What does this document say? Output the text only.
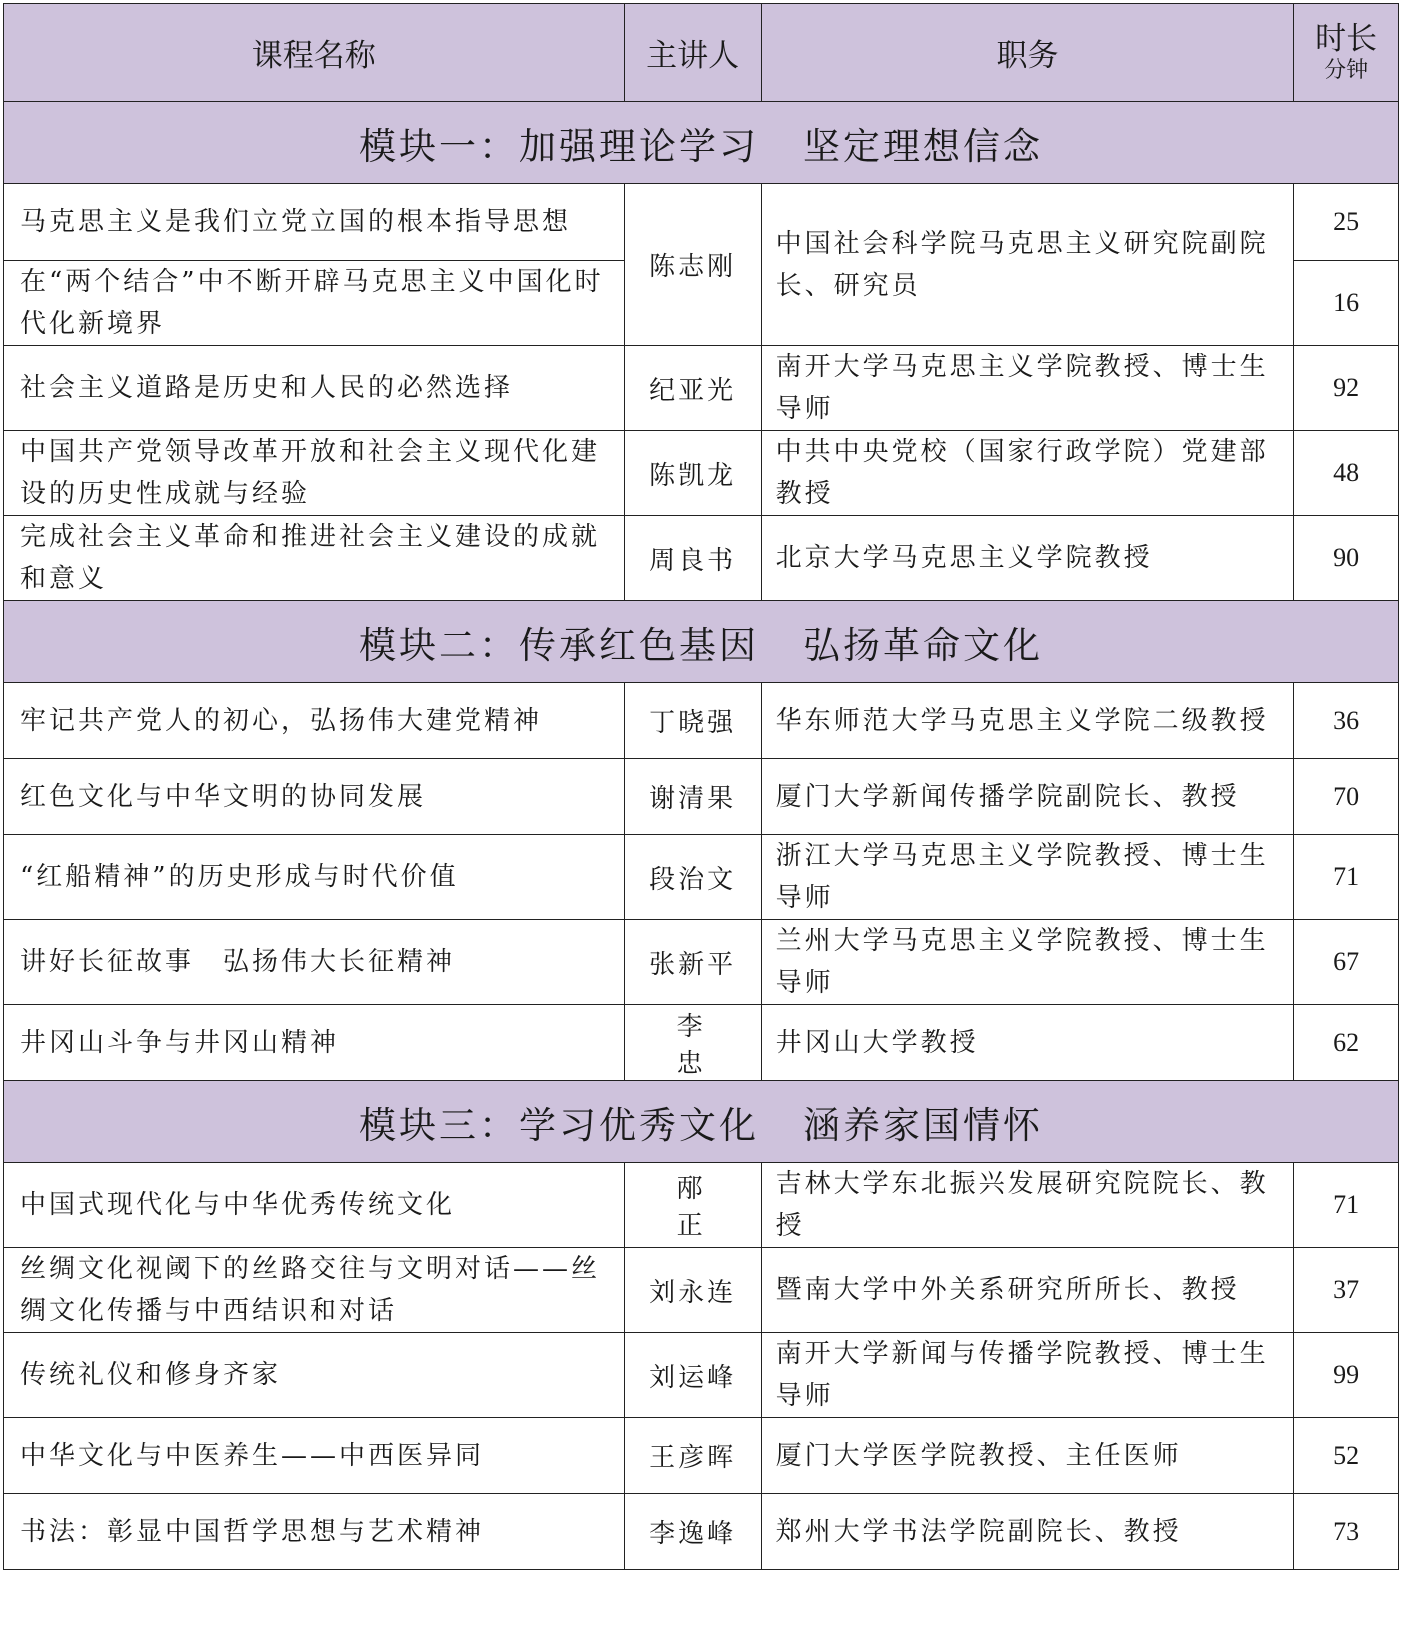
课程名称	主讲人	职务	时长
分钟

模块一：加强理论学习 坚定理想信念			
马克思主义是我们立党立国的根本指导思想	陈志刚	中国社会科学院马克思主义研究院副院长、研究员	25
在“两个结合”中不断开辟马克思主义中国化时代化新境界			16
社会主义道路是历史和人民的必然选择	纪亚光	南开大学马克思主义学院教授、博士生导师	92
中国共产党领导改革开放和社会主义现代化建设的历史性成就与经验	陈凯龙	中共中央党校（国家行政学院）党建部教授	48
完成社会主义革命和推进社会主义建设的成就和意义	周良书	北京大学马克思主义学院教授	90
模块二：传承红色基因 弘扬革命文化			
牢记共产党人的初心，弘扬伟大建党精神	丁晓强	华东师范大学马克思主义学院二级教授	36
红色文化与中华文明的协同发展	谢清果	厦门大学新闻传播学院副院长、教授	70
“红船精神”的历史形成与时代价值	段治文	浙江大学马克思主义学院教授、博士生导师	71
讲好长征故事　弘扬伟大长征精神	张新平	兰州大学马克思主义学院教授、博士生导师	67
井冈山斗争与井冈山精神	李忠	井冈山大学教授	62
模块三：学习优秀文化 涵养家国情怀			
中国式现代化与中华优秀传统文化	邴正	吉林大学东北振兴发展研究院院长、教授	71
丝绸文化视阈下的丝路交往与文明对话——丝绸文化传播与中西结识和对话	刘永连	暨南大学中外关系研究所所长、教授	37
传统礼仪和修身齐家	刘运峰	南开大学新闻与传播学院教授、博士生导师	99
中华文化与中医养生——中西医异同	王彦晖	厦门大学医学院教授、主任医师	52
书法：彰显中国哲学思想与艺术精神	李逸峰	郑州大学书法学院副院长、教授	73
